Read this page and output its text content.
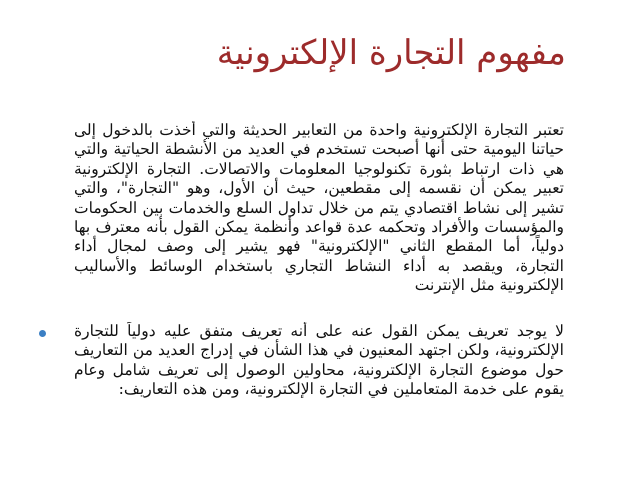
مفهوم التجارة الإلكترونية
تعتبر التجارة الإلكترونية واحدة من التعابير الحديثة والتي أخذت بالدخول إلى حياتنا اليومية حتى أنها أصبحت تستخدم في العديد من الأنشطة الحياتية والتي هي ذات ارتباط بثورة تكنولوجيا المعلومات والاتصالات. التجارة الإلكترونية تعبير يمكن أن نقسمه إلى مقطعين، حيث أن الأول، وهو "التجارة"، والتي تشير إلى نشاط اقتصادي يتم من خلال تداول السلع والخدمات بين الحكومات والمؤسسات والأفراد وتحكمه عدة قواعد وأنظمة يمكن القول بأنه معترف بها دولياً، أما المقطع الثاني "الإلكترونية" فهو يشير إلى وصف لمجال أداء التجارة، ويقصد به أداء النشاط التجاري باستخدام الوسائط والأساليب الإلكترونية مثل الإنترنت
لا يوجد تعريف يمكن القول عنه على أنه تعريف متفق عليه دولياً للتجارة الإلكترونية، ولكن اجتهد المعنيون في هذا الشأن في إدراج العديد من التعاريف حول موضوع التجارة الإلكترونية، محاولين الوصول إلى تعريف شامل وعام يقوم على خدمة المتعاملين في التجارة الإلكترونية، ومن هذه التعاريف:
